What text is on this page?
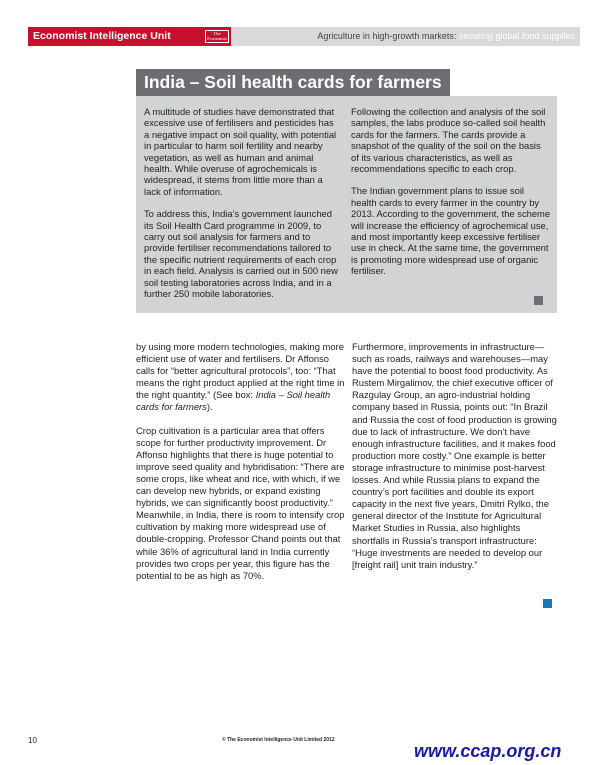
Economist Intelligence Unit	The
Economist	Agriculture in high-growth markets: securing global food supplies
India – Soil health cards for farmers

A multitude of studies have demonstrated that excessive use of fertilisers and pesticides has a negative impact on soil quality, with potential in particular to harm soil fertility and nearby vegetation, as well as human and animal health. While overuse of agrochemicals is widespread, it stems from little more than a lack of information.

To address this, India’s government launched its Soil Health Card programme in 2009, to carry out soil analysis for farmers and to provide fertiliser recommendations tailored to the specific nutrient requirements of each crop in each field. Analysis is carried out in 500 new soil testing laboratories across India, and in a further 250 mobile laboratories.

Following the collection and analysis of the soil samples, the labs produce so-called soil health cards for the farmers. The cards provide a snapshot of the quality of the soil on the basis of its various characteristics, as well as recommendations specific to each crop.

The Indian government plans to issue soil health cards to every farmer in the country by 2013. According to the government, the scheme will increase the efficiency of agrochemical use, and most importantly keep excessive fertiliser use in check. At the same time, the government is promoting more widespread use of organic fertiliser.

by using more modern technologies, making more efficient use of water and fertilisers. Dr Affonso calls for “better agricultural protocols”, too: “That means the right product applied at the right time in the right quantity.” (See box: India – Soil health cards for farmers).

Crop cultivation is a particular area that offers scope for further productivity improvement. Dr Affonso highlights that there is huge potential to improve seed quality and hybridisation: “There are some crops, like wheat and rice, with which, if we can develop new hybrids, or expand existing hybrids, we can significantly boost productivity.” Meanwhile, in India, there is room to intensify crop cultivation by making more widespread use of double-cropping. Professor Chand points out that while 36% of agricultural land in India currently provides two crops per year, this figure has the potential to be as high as 70%.

Furthermore, improvements in infrastructure— such as roads, railways and warehouses—may have the potential to boost food productivity. As Rustem Mirgalimov, the chief executive officer of Razgulay Group, an agro-industrial holding company based in Russia, points out: “In Brazil and Russia the cost of food production is growing due to lack of infrastructure. We don’t have enough infrastructure facilities, and it makes food production more costly.” One example is better storage infrastructure to minimise post-harvest losses. And while Russia plans to expand the country’s port facilities and double its export capacity in the next five years, Dmitri Rylko, the general director of the Institute for Agricultural Market Studies in Russia, also highlights shortfalls in Russia’s transport infrastructure: “Huge investments are needed to develop our [freight rail] unit train industry.”

10	© The Economist Intelligence Unit Limited 2012
www.ccap.org.cn
